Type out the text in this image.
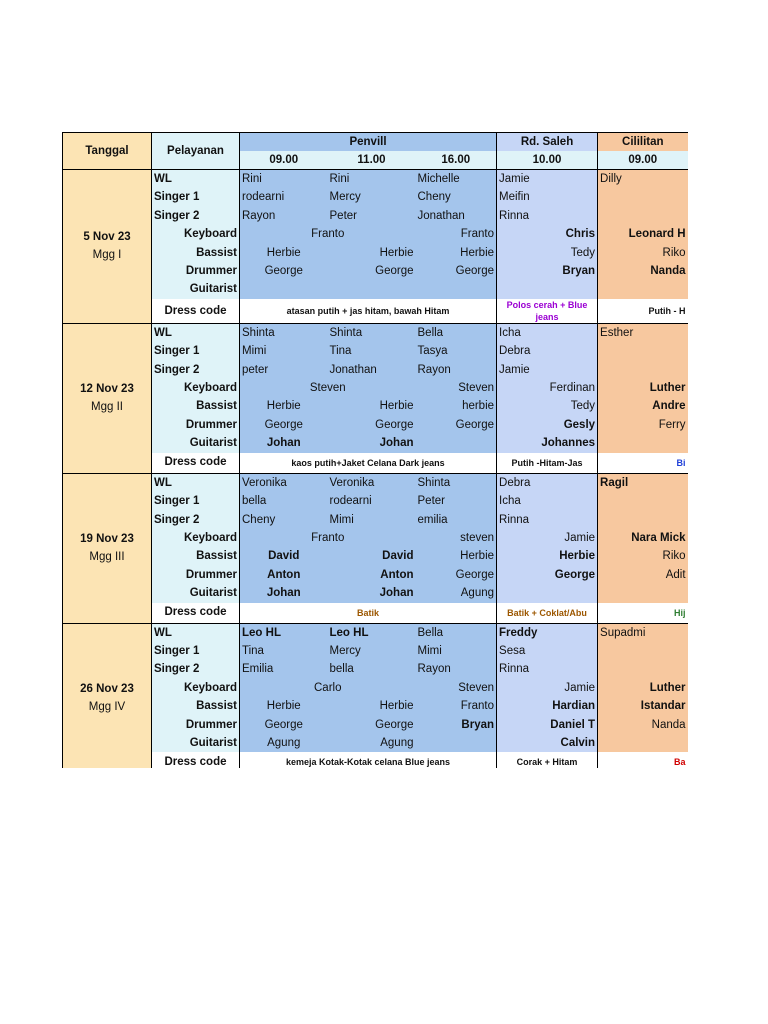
Tanggal	Pelayanan	Penvill			Rd. Saleh	Cililitan	
		09.00	11.00	16.00	10.00	09.00	

5 Nov 23
Mgg I	WL	Rini	Rini	Michelle	Jamie	Dilly	
	Singer 1	rodearni	Mercy	Cheny	Meifin		
	Singer 2	Rayon	Peter	Jonathan	Rinna		
	Keyboard	Franto		Franto	Chris	Leonard H	
	Bassist	Herbie	Herbie	Herbie	Tedy	Riko	
	Drummer	George	George	George	Bryan	Nanda	
	Guitarist						
	Dress code	atasan putih + jas hitam, bawah Hitam			Polos cerah + Blue jeans	Putih - H	

12 Nov 23
Mgg II	WL	Shinta	Shinta	Bella	Icha	Esther	
	Singer 1	Mimi	Tina	Tasya	Debra		
	Singer 2	peter	Jonathan	Rayon	Jamie		
	Keyboard	Steven		Steven	Ferdinan	Luther	
	Bassist	Herbie	Herbie	herbie	Tedy	Andre	
	Drummer	George	George	George	Gesly	Ferry	
	Guitarist	Johan	Johan		Johannes		
	Dress code	kaos putih+Jaket Celana Dark jeans			Putih -Hitam-Jas	Bi	

19 Nov 23
Mgg III	WL	Veronika	Veronika	Shinta	Debra	Ragil	
	Singer 1	bella	rodearni	Peter	Icha		
	Singer 2	Cheny	Mimi	emilia	Rinna		
	Keyboard	Franto		steven	Jamie	Nara Mick	
	Bassist	David	David	Herbie	Herbie	Riko	
	Drummer	Anton	Anton	George	George	Adit	
	Guitarist	Johan	Johan	Agung			
	Dress code	Batik			Batik + Coklat/Abu	Hij	

26 Nov 23
Mgg IV	WL	Leo HL	Leo HL	Bella	Freddy	Supadmi	
	Singer 1	Tina	Mercy	Mimi	Sesa		
	Singer 2	Emilia	bella	Rayon	Rinna		
	Keyboard	Carlo		Steven	Jamie	Luther	
	Bassist	Herbie	Herbie	Franto	Hardian	Istandar	
	Drummer	George	George	Bryan	Daniel T	Nanda	
	Guitarist	Agung	Agung		Calvin		
	Dress code	kemeja Kotak-Kotak celana Blue jeans			Corak + Hitam	Ba	
